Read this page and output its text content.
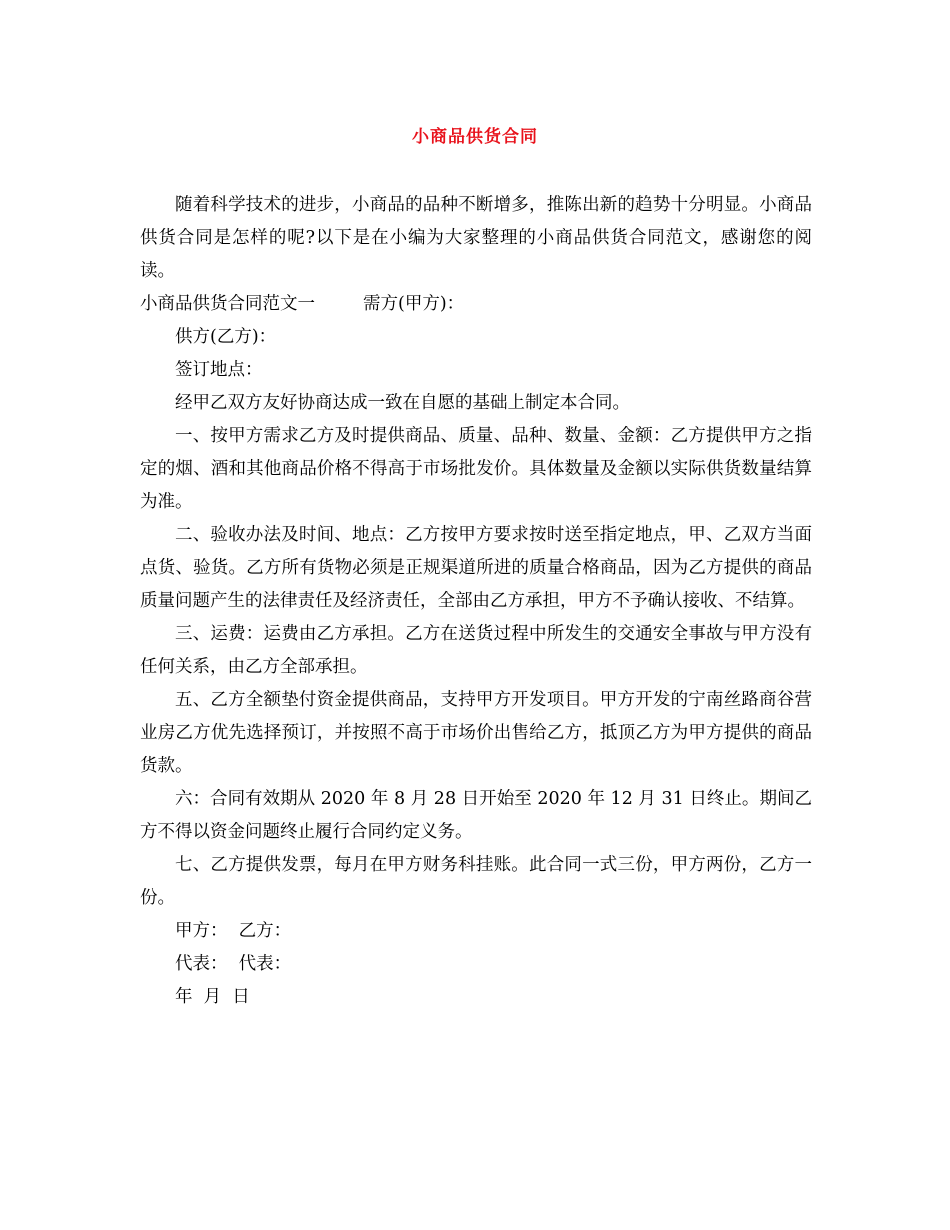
小商品供货合同

随着科学技术的进步，小商品的品种不断增多，推陈出新的趋势十分明显。小商品供货合同是怎样的呢?以下是在小编为大家整理的小商品供货合同范文，感谢您的阅读。

小商品供货合同范文一	需方(甲方)：

供方(乙方)：

签订地点：

经甲乙双方友好协商达成一致在自愿的基础上制定本合同。

一、按甲方需求乙方及时提供商品、质量、品种、数量、金额：乙方提供甲方之指定的烟、酒和其他商品价格不得高于市场批发价。具体数量及金额以实际供货数量结算为准。

二、验收办法及时间、地点：乙方按甲方要求按时送至指定地点，甲、乙双方当面点货、验货。乙方所有货物必须是正规渠道所进的质量合格商品，因为乙方提供的商品质量问题产生的法律责任及经济责任，全部由乙方承担，甲方不予确认接收、不结算。

三、运费：运费由乙方承担。乙方在送货过程中所发生的交通安全事故与甲方没有任何关系，由乙方全部承担。

五、乙方全额垫付资金提供商品，支持甲方开发项目。甲方开发的宁南丝路商谷营业房乙方优先选择预订，并按照不高于市场价出售给乙方，抵顶乙方为甲方提供的商品货款。

六：合同有效期从 2020 年 8 月 28 日开始至 2020 年 12 月 31 日终止。期间乙方不得以资金问题终止履行合同约定义务。

七、乙方提供发票，每月在甲方财务科挂账。此合同一式三份，甲方两份，乙方一份。

甲方：  乙方：

代表：  代表：

年  月  日
